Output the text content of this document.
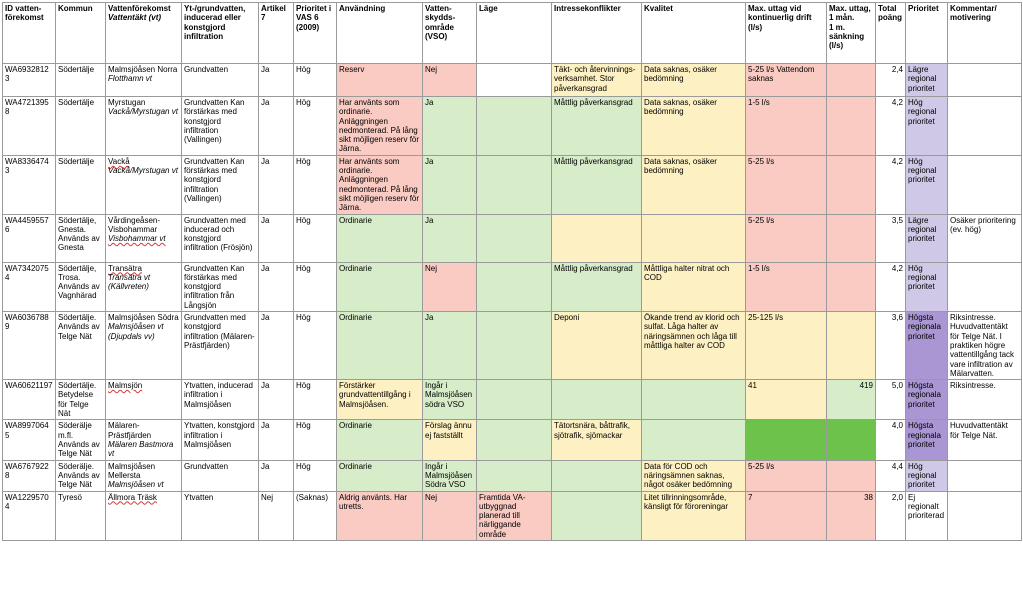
ID vatten-
förekomst	Kommun	Vattenförekomst
Vattentäkt (vt)	Yt-/grundvatten, inducerad eller konstgjord infiltration	Artikel 7	Prioritet i
VAS 6
(2009)	Användning	Vatten-
skydds-
område
(VSO)	Läge	Intressekonflikter	Kvalitet	Max. uttag vid
kontinuerlig drift
(l/s)	Max. uttag,
1 mån.
1 m.
sänkning
(l/s)	Total
poäng	Prioritet	Kommentar/
motivering

WA69328123	Södertälje	Malmsjöåsen Norra
Flotthamn vt	Grundvatten	Ja	Hög	Reserv	Nej		Täkt- och återvinnings-verksamhet. Stor påverkansgrad	Data saknas, osäker bedömning	5-25 l/s Vattendom saknas		2,4	Lägre regional prioritet	
WA47213958	Södertälje	Myrstugan
Vackå/Myrstugan vt	Grundvatten Kan förstärkas med konstgjord infiltration (Vallingen)	Ja	Hög	Har använts som ordinarie. Anläggningen nedmonterad. På lång sikt möjligen reserv för Järna.	Ja		Måttlig påverkansgrad	Data saknas, osäker bedömning	1-5 l/s		4,2	Hög regional prioritet	
WA83364743	Södertälje	Vackå
Vackå/Myrstugan vt	Grundvatten Kan förstärkas med konstgjord infiltration (Vallingen)	Ja	Hög	Har använts som ordinarie. Anläggningen nedmonterad. På lång sikt möjligen reserv för Järna.	Ja		Måttlig påverkansgrad	Data saknas, osäker bedömning	5-25 l/s		4,2	Hög regional prioritet	
WA44595576	Södertälje, Gnesta. Används av Gnesta	Vårdingeåsen-Visbohammar
Visbohammar vt	Grundvatten med inducerad och konstgjord infiltration (Frösjön)	Ja	Hög	Ordinarie	Ja				5-25 l/s		3,5	Lägre regional prioritet	Osäker prioritering (ev. hög)
WA73420754	Södertälje, Trosa. Används av Vagnhärad	Transätra
Transätra vt (Källvreten)	Grundvatten Kan förstärkas med konstgjord infiltration från Långsjön	Ja	Hög	Ordinarie	Nej		Måttlig påverkansgrad	Måttliga halter nitrat och COD	1-5 l/s		4,2	Hög regional prioritet	
WA60367889	Södertälje. Används av Telge Nät	Malmsjöåsen Södra
Malmsjöåsen vt (Djupdals vv)	Grundvatten med konstgjord infiltration (Mälaren-Prästfjärden)	Ja	Hög	Ordinarie	Ja		Deponi	Ökande trend av klorid och sulfat. Låga halter av näringsämnen och låga till måttliga halter av COD	25-125 l/s		3,6	Högsta regionala prioritet	Riksintresse. Huvudvattentäkt för Telge Nät. I praktiken högre vattentillgång tack vare infiltration av Mälarvatten.
WA60621197	Södertälje. Betydelse för Telge Nät	Malmsjön	Ytvatten, inducerad infiltration i Malmsjöåsen	Ja	Hög	Förstärker grundvattentillgång i Malmsjöåsen.	Ingår i Malmsjöåsen södra VSO				41	419	5,0	Högsta regionala prioritet	Riksintresse.
WA89970645	Söderälje m.fl. Används av Telge Nät	Mälaren-Prästfjärden
Mälaren Bastmora vt	Ytvatten, konstgjord infiltration i Malmsjöåsen	Ja	Hög	Ordinarie	Förslag ännu ej fastställt		Tätortsnära, båttrafik, sjötrafik, sjömackar				4,0	Högsta regionala prioritet	Huvudvattentäkt för Telge Nät.
WA67679228	Söderälje. Används av Telge Nät	Malmsjöåsen Mellersta
Malmsjöåsen vt	Grundvatten	Ja	Hög	Ordinarie	Ingår i Malmsjöåsen Södra VSO			Data för COD och näringsämnen saknas, något osäker bedömning	5-25 l/s		4,4	Hög regional prioritet	
WA12295704	Tyresö	Ällmora Träsk	Ytvatten	Nej	(Saknas)	Aldrig använts. Har utretts.	Nej	Framtida VA-utbyggnad planerad till närliggande område		Litet tillrinningsområde, känsligt för föroreningar	7	38	2,0	Ej regionalt prioriterad	
